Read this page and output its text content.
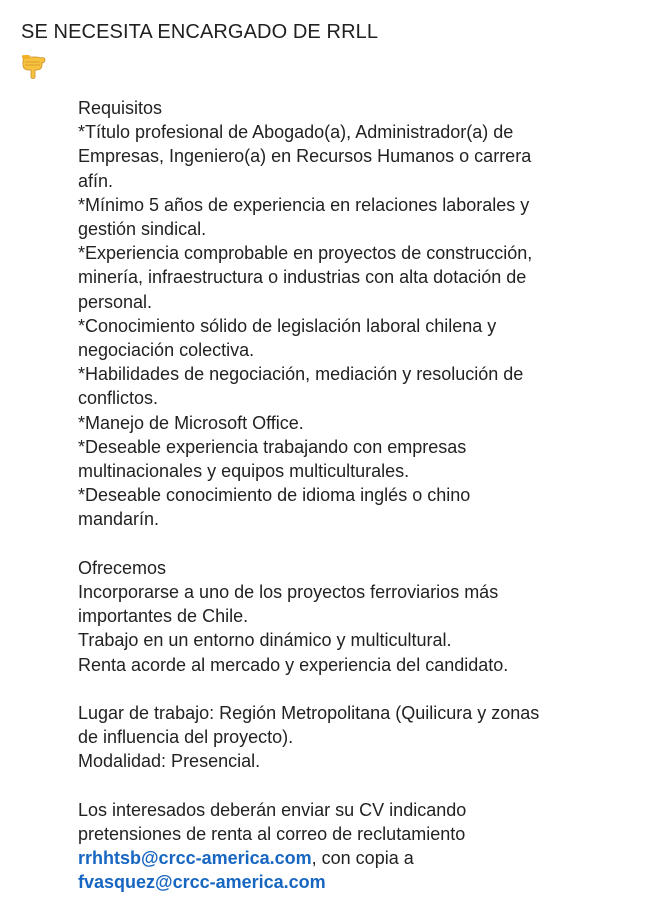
SE NECESITA ENCARGADO DE RRLL
Requisitos
*Título profesional de Abogado(a), Administrador(a) de
Empresas, Ingeniero(a) en Recursos Humanos o carrera
afín.
*Mínimo 5 años de experiencia en relaciones laborales y
gestión sindical.
*Experiencia comprobable en proyectos de construcción,
minería, infraestructura o industrias con alta dotación de
personal.
*Conocimiento sólido de legislación laboral chilena y
negociación colectiva.
*Habilidades de negociación, mediación y resolución de
conflictos.
*Manejo de Microsoft Office.
*Deseable experiencia trabajando con empresas
multinacionales y equipos multiculturales.
*Deseable conocimiento de idioma inglés o chino
mandarín.
Ofrecemos
Incorporarse a uno de los proyectos ferroviarios más
importantes de Chile.
Trabajo en un entorno dinámico y multicultural.
Renta acorde al mercado y experiencia del candidato.
Lugar de trabajo: Región Metropolitana (Quilicura y zonas
de influencia del proyecto).
Modalidad: Presencial.
Los interesados deberán enviar su CV indicando
pretensiones de renta al correo de reclutamiento
rrhhtsb@crcc-america.com, con copia a
fvasquez@crcc-america.com
